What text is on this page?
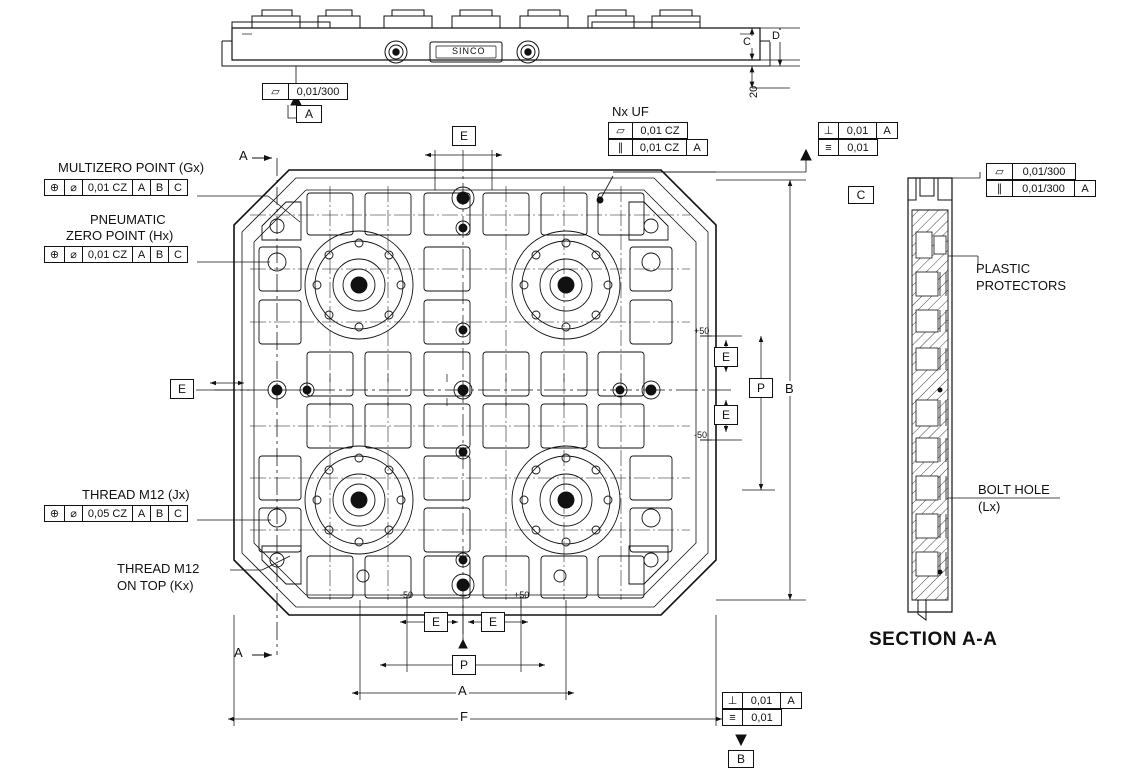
▱	0,01/300
A
MULTIZERO POINT (Gx)
⊕	⌀	0,01 CZ A B C
PNEUMATIC
ZERO POINT (Hx)
⊕	⌀	0,01 CZ A B C
THREAD M12 (Jx)
⊕	⌀	0,05 CZ A B C
THREAD M12
ON TOP (Kx)
Nx UF
▱	0,01 CZ
∥	0,01 CZ	A
⊥	0,01	A
≡	0,01
C
▱	0,01/300
∥	0,01/300	A
PLASTIC
PROTECTORS
BOLT HOLE
(Lx)
SECTION A-A
⊥	0,01	A
≡	0,01
B
C D
20
E
E
E
E
E	E
P
P
B
A
F
A
A
+50
-50
-50	+50
SINCO
